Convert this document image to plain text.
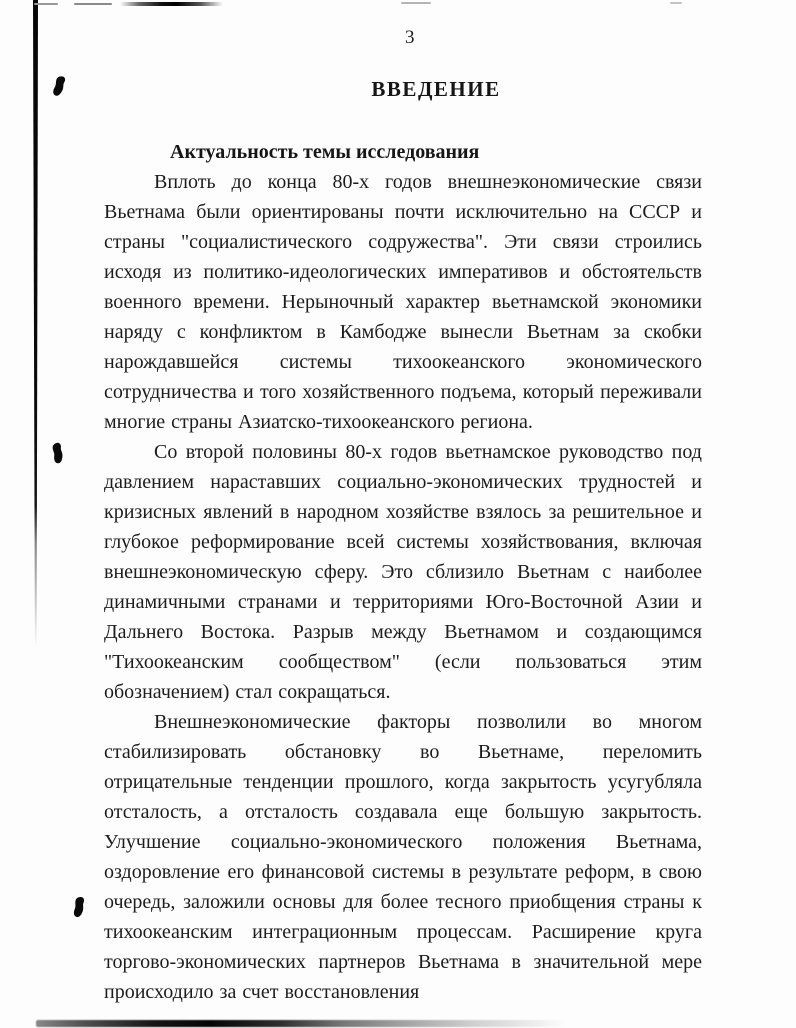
3
ВВЕДЕНИЕ
Актуальность темы исследования

Вплоть до конца 80-х годов внешнеэкономические связи Вьетнама были ориентированы почти исключительно на СССР и страны "социалистического содружества". Эти связи строились исходя из политико-идеологических императивов и обстоятельств военного времени. Нерыночный характер вьетнамской экономики наряду с конфликтом в Камбодже вынесли Вьетнам за скобки нарождавшейся системы тихоокеанского экономического сотрудничества и того хозяйственного подъема, который переживали многие страны Азиатско-тихоокеанского региона.

Со второй половины 80-х годов вьетнамское руководство под давлением нараставших социально-экономических трудностей и кризисных явлений в народном хозяйстве взялось за решительное и глубокое реформирование всей системы хозяйствования, включая внешнеэкономическую сферу. Это сблизило Вьетнам с наиболее динамичными странами и территориями Юго-Восточной Азии и Дальнего Востока. Разрыв между Вьетнамом и создающимся "Тихоокеанским сообществом" (если пользоваться этим обозначением) стал сокращаться.

Внешнеэкономические факторы позволили во многом стабилизировать обстановку во Вьетнаме, переломить отрицательные тенденции прошлого, когда закрытость усугубляла отсталость, а отсталость создавала еще большую закрытость. Улучшение социально-экономического положения Вьетнама, оздоровление его финансовой системы в результате реформ, в свою очередь, заложили основы для более тесного приобщения страны к тихоокеанским интеграционным процессам. Расширение круга торгово-экономических партнеров Вьетнама в значительной мере происходило за счет восстановления
